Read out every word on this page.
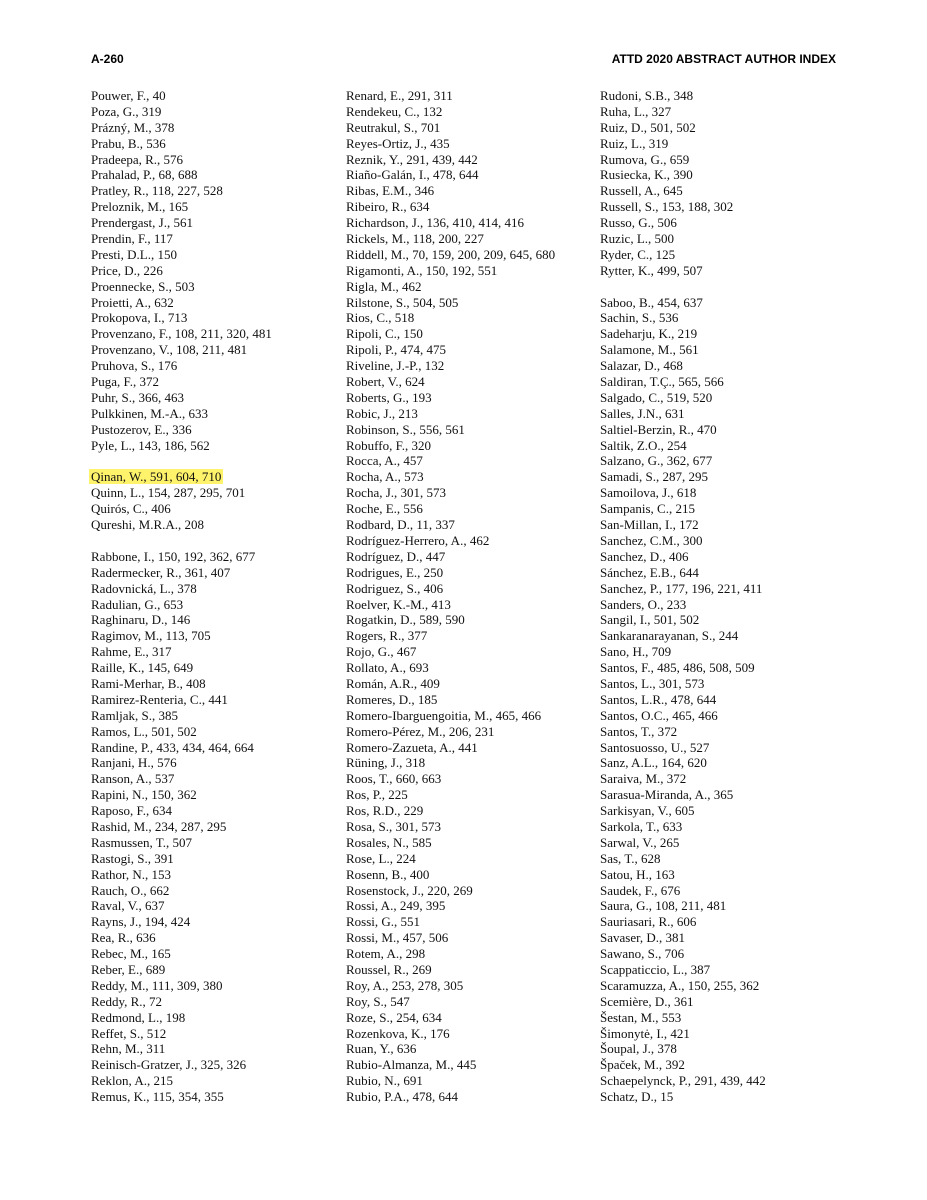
A-260	ATTD 2020 ABSTRACT AUTHOR INDEX
Pouwer, F., 40
Poza, G., 319
Prázný, M., 378
Prabu, B., 536
Pradeepa, R., 576
Prahalad, P., 68, 688
Pratley, R., 118, 227, 528
Preloznik, M., 165
Prendergast, J., 561
Prendin, F., 117
Presti, D.L., 150
Price, D., 226
Proennecke, S., 503
Proietti, A., 632
Prokopova, I., 713
Provenzano, F., 108, 211, 320, 481
Provenzano, V., 108, 211, 481
Pruhova, S., 176
Puga, F., 372
Puhr, S., 366, 463
Pulkkinen, M.-A., 633
Pustozerov, E., 336
Pyle, L., 143, 186, 562
Qinan, W., 591, 604, 710
Quinn, L., 154, 287, 295, 701
Quirós, C., 406
Qureshi, M.R.A., 208
Rabbone, I., 150, 192, 362, 677
Radermecker, R., 361, 407
Radovnická, L., 378
Radulian, G., 653
Raghinaru, D., 146
Ragimov, M., 113, 705
Rahme, E., 317
Raille, K., 145, 649
Rami-Merhar, B., 408
Ramirez-Renteria, C., 441
Ramljak, S., 385
Ramos, L., 501, 502
Randine, P., 433, 434, 464, 664
Ranjani, H., 576
Ranson, A., 537
Rapini, N., 150, 362
Raposo, F., 634
Rashid, M., 234, 287, 295
Rasmussen, T., 507
Rastogi, S., 391
Rathor, N., 153
Rauch, O., 662
Raval, V., 637
Rayns, J., 194, 424
Rea, R., 636
Rebec, M., 165
Reber, E., 689
Reddy, M., 111, 309, 380
Reddy, R., 72
Redmond, L., 198
Reffet, S., 512
Rehn, M., 311
Reinisch-Gratzer, J., 325, 326
Reklon, A., 215
Remus, K., 115, 354, 355
Renard, E., 291, 311
Rendekeu, C., 132
Reutrakul, S., 701
Reyes-Ortiz, J., 435
Reznik, Y., 291, 439, 442
Riaño-Galán, I., 478, 644
Ribas, E.M., 346
Ribeiro, R., 634
Richardson, J., 136, 410, 414, 416
Rickels, M., 118, 200, 227
Riddell, M., 70, 159, 200, 209, 645, 680
Rigamonti, A., 150, 192, 551
Rigla, M., 462
Rilstone, S., 504, 505
Rios, C., 518
Ripoli, C., 150
Ripoli, P., 474, 475
Riveline, J.-P., 132
Robert, V., 624
Roberts, G., 193
Robic, J., 213
Robinson, S., 556, 561
Robuffo, F., 320
Rocca, A., 457
Rocha, A., 573
Rocha, J., 301, 573
Roche, E., 556
Rodbard, D., 11, 337
Rodríguez-Herrero, A., 462
Rodríguez, D., 447
Rodrigues, E., 250
Rodriguez, S., 406
Roelver, K.-M., 413
Rogatkin, D., 589, 590
Rogers, R., 377
Rojo, G., 467
Rollato, A., 693
Román, A.R., 409
Romeres, D., 185
Romero-Ibarguengoitia, M., 465, 466
Romero-Pérez, M., 206, 231
Romero-Zazueta, A., 441
Rüning, J., 318
Roos, T., 660, 663
Ros, P., 225
Ros, R.D., 229
Rosa, S., 301, 573
Rosales, N., 585
Rose, L., 224
Rosenn, B., 400
Rosenstock, J., 220, 269
Rossi, A., 249, 395
Rossi, G., 551
Rossi, M., 457, 506
Rotem, A., 298
Roussel, R., 269
Roy, A., 253, 278, 305
Roy, S., 547
Roze, S., 254, 634
Rozenkova, K., 176
Ruan, Y., 636
Rubio-Almanza, M., 445
Rubio, N., 691
Rubio, P.A., 478, 644
Rudoni, S.B., 348
Ruha, L., 327
Ruiz, D., 501, 502
Ruiz, L., 319
Rumova, G., 659
Rusiecka, K., 390
Russell, A., 645
Russell, S., 153, 188, 302
Russo, G., 506
Ruzic, L., 500
Ryder, C., 125
Rytter, K., 499, 507
Saboo, B., 454, 637
Sachin, S., 536
Sadeharju, K., 219
Salamone, M., 561
Salazar, D., 468
Saldiran, T.Ç., 565, 566
Salgado, C., 519, 520
Salles, J.N., 631
Saltiel-Berzin, R., 470
Saltik, Z.O., 254
Salzano, G., 362, 677
Samadi, S., 287, 295
Samoilova, J., 618
Sampanis, C., 215
San-Millan, I., 172
Sanchez, C.M., 300
Sanchez, D., 406
Sánchez, E.B., 644
Sanchez, P., 177, 196, 221, 411
Sanders, O., 233
Sangil, I., 501, 502
Sankaranarayanan, S., 244
Sano, H., 709
Santos, F., 485, 486, 508, 509
Santos, L., 301, 573
Santos, L.R., 478, 644
Santos, O.C., 465, 466
Santos, T., 372
Santosuosso, U., 527
Sanz, A.L., 164, 620
Saraiva, M., 372
Sarasua-Miranda, A., 365
Sarkisyan, V., 605
Sarkola, T., 633
Sarwal, V., 265
Sas, T., 628
Satou, H., 163
Saudek, F., 676
Saura, G., 108, 211, 481
Sauriasari, R., 606
Savaser, D., 381
Sawano, S., 706
Scappaticcio, L., 387
Scaramuzza, A., 150, 255, 362
Scemière, D., 361
Šestan, M., 553
Šimonytė, I., 421
Šoupal, J., 378
Špaček, M., 392
Schaepelynck, P., 291, 439, 442
Schatz, D., 15
